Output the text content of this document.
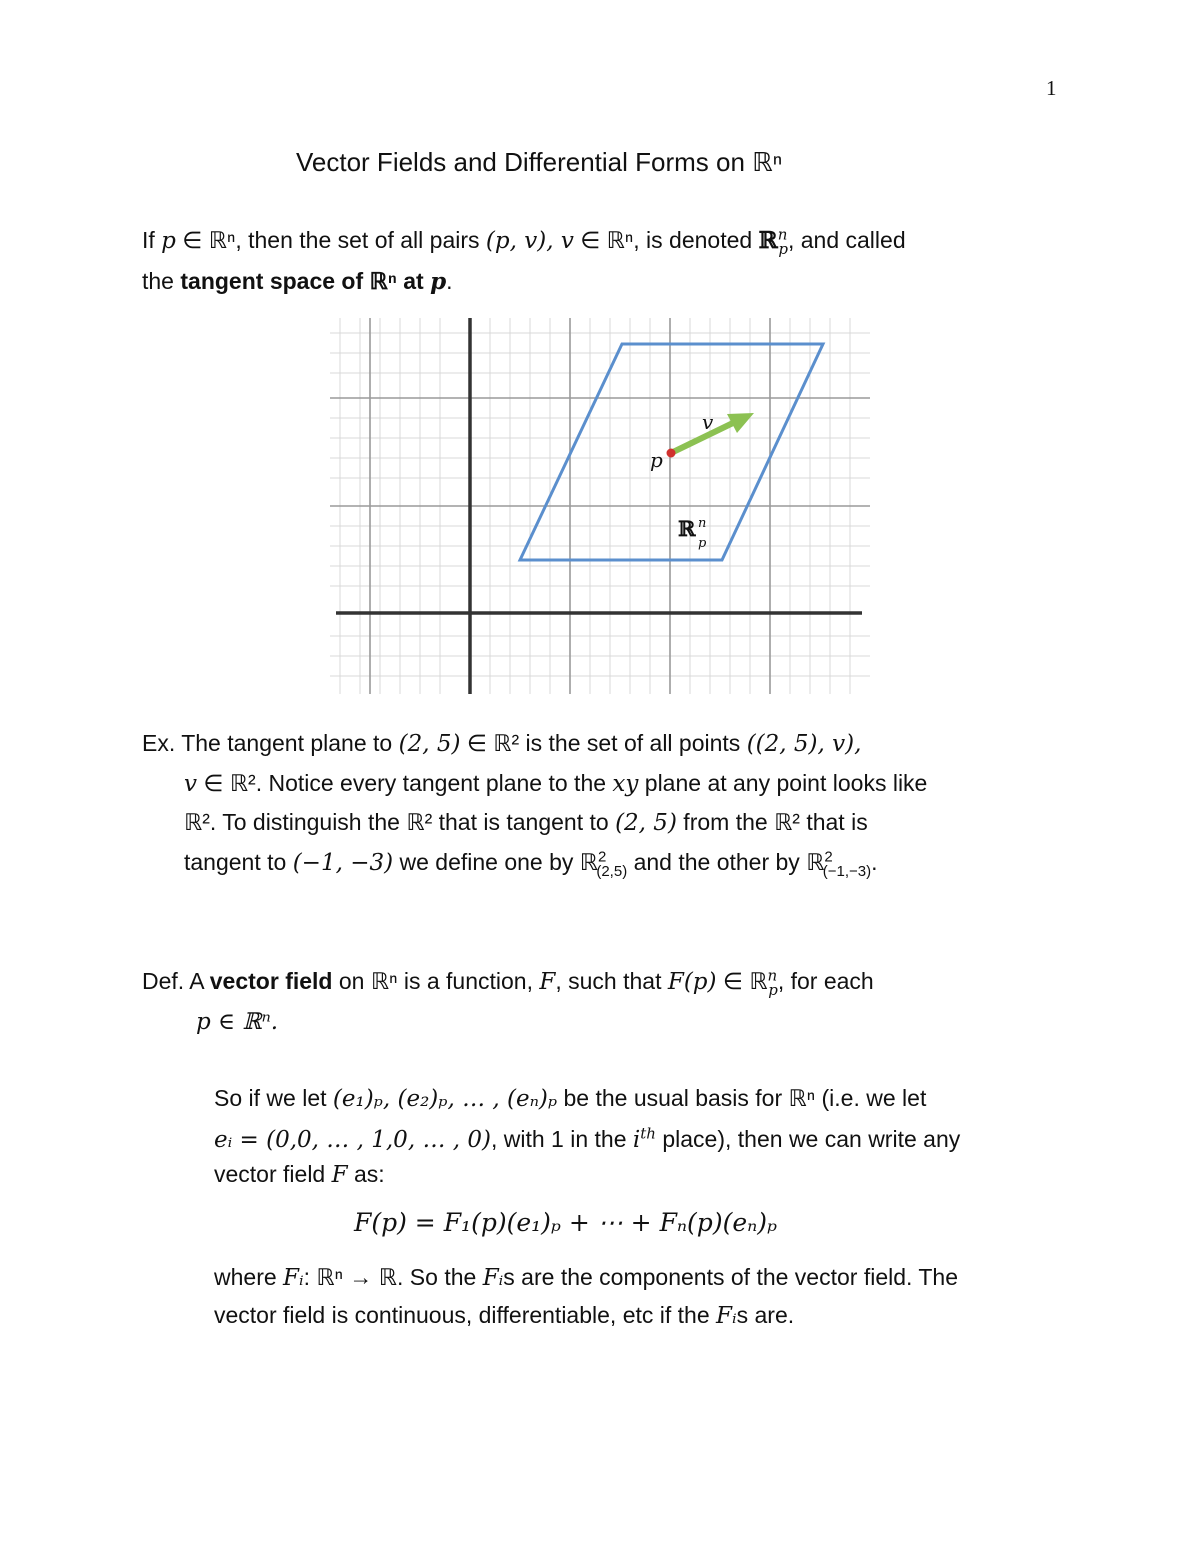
1
Vector Fields and Differential Forms on ℝⁿ
If p ∈ ℝⁿ, then the set of all pairs (p, v), v ∈ ℝⁿ, is denoted ℝ$^n_p$, and called
the tangent space of ℝⁿ at p.
v
p
ℝ n
p
Ex. The tangent plane to (2, 5) ∈ ℝ² is the set of all points ((2, 5), v),
v ∈ ℝ². Notice every tangent plane to the xy plane at any point looks like
ℝ². To distinguish the ℝ² that is tangent to (2, 5) from the ℝ² that is
tangent to (−1, −3) we define one by ℝ$^2_{(2,5)}$ and the other by ℝ$^2_{(-1,-3)}$.
Def. A vector field on ℝⁿ is a function, F, such that F(p) ∈ ℝ$^n_p$, for each
p ∈ ℝⁿ.
So if we let (e₁)ₚ, (e₂)ₚ, … , (eₙ)ₚ be the usual basis for ℝⁿ (i.e. we let
eᵢ = (0,0, … , 1,0, … , 0), with 1 in the $i^{th}$ place), then we can write any
vector field F as:
F(p) = F₁(p)(e₁)ₚ + ⋯ + Fₙ(p)(eₙ)ₚ
where Fᵢ: ℝⁿ → ℝ. So the Fᵢs are the components of the vector field. The
vector field is continuous, differentiable, etc if the Fᵢs are.
